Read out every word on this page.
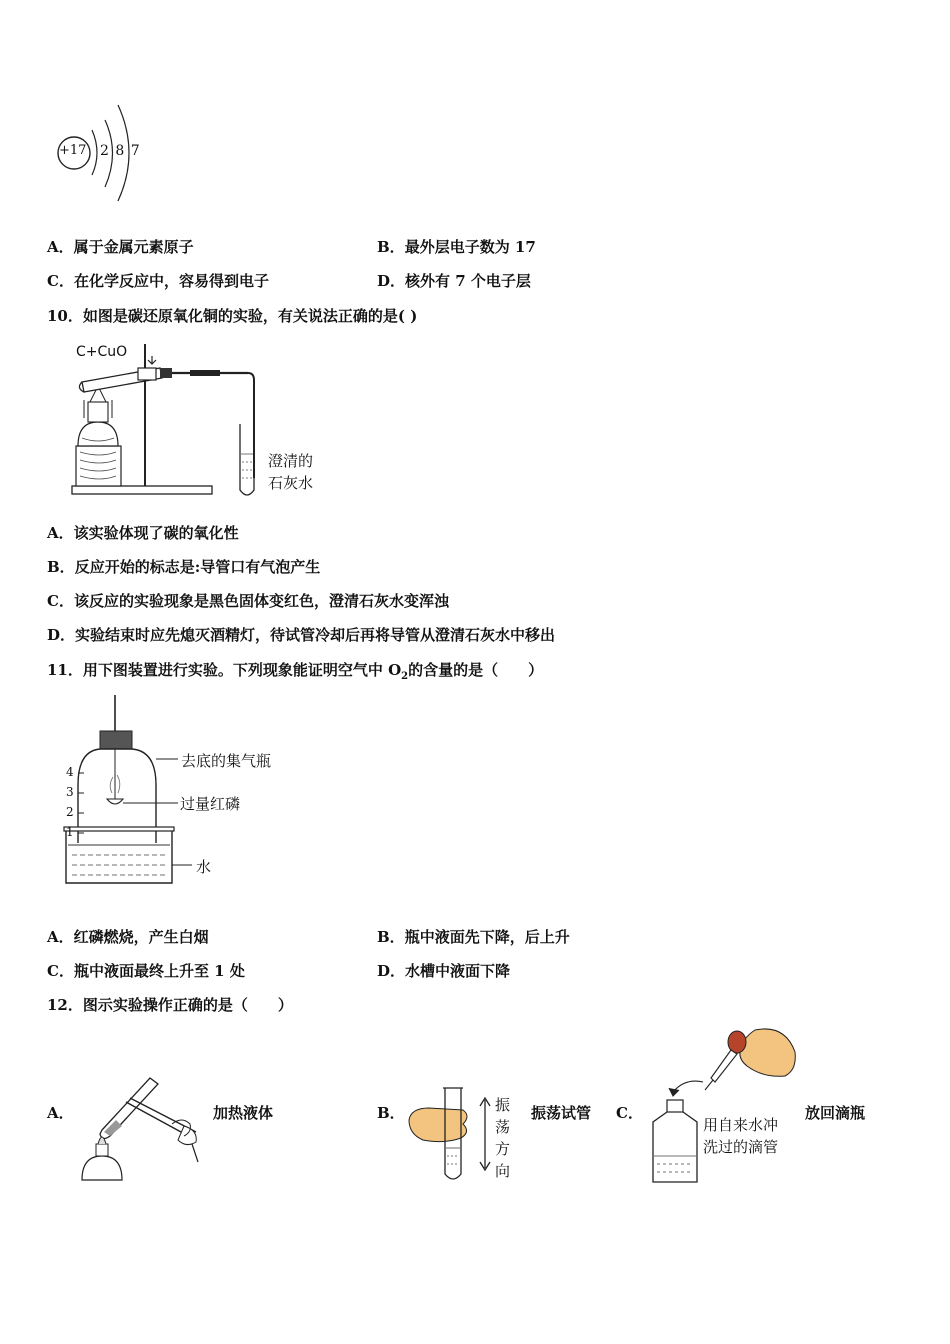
+17 2 8 7
A．属于金属元素原子	B．最外层电子数为 17
C．在化学反应中，容易得到电子	D．核外有 7 个电子层
10．如图是碳还原氧化铜的实验，有关说法正确的是( )
C+CuO
澄清的
石灰水
A．该实验体现了碳的氧化性
B．反应开始的标志是:导管口有气泡产生
C．该反应的实验现象是黑色固体变红色，澄清石灰水变浑浊
D．实验结束时应先熄灭酒精灯，待试管冷却后再将导管从澄清石灰水中移出
11．用下图装置进行实验。下列现象能证明空气中 $O_2$的含量的是（　　）
4
3
2
1
去底的集气瓶
过量红磷
水
A．红磷燃烧，产生白烟	B．瓶中液面先下降，后上升
C．瓶中液面最终上升至 1 处	D．水槽中液面下降
12．图示实验操作正确的是（　　）
A．	加热液体	B．	振
荡
方
向
振荡试管 C．
用自来水冲
洗过的滴管
放回滴瓶
